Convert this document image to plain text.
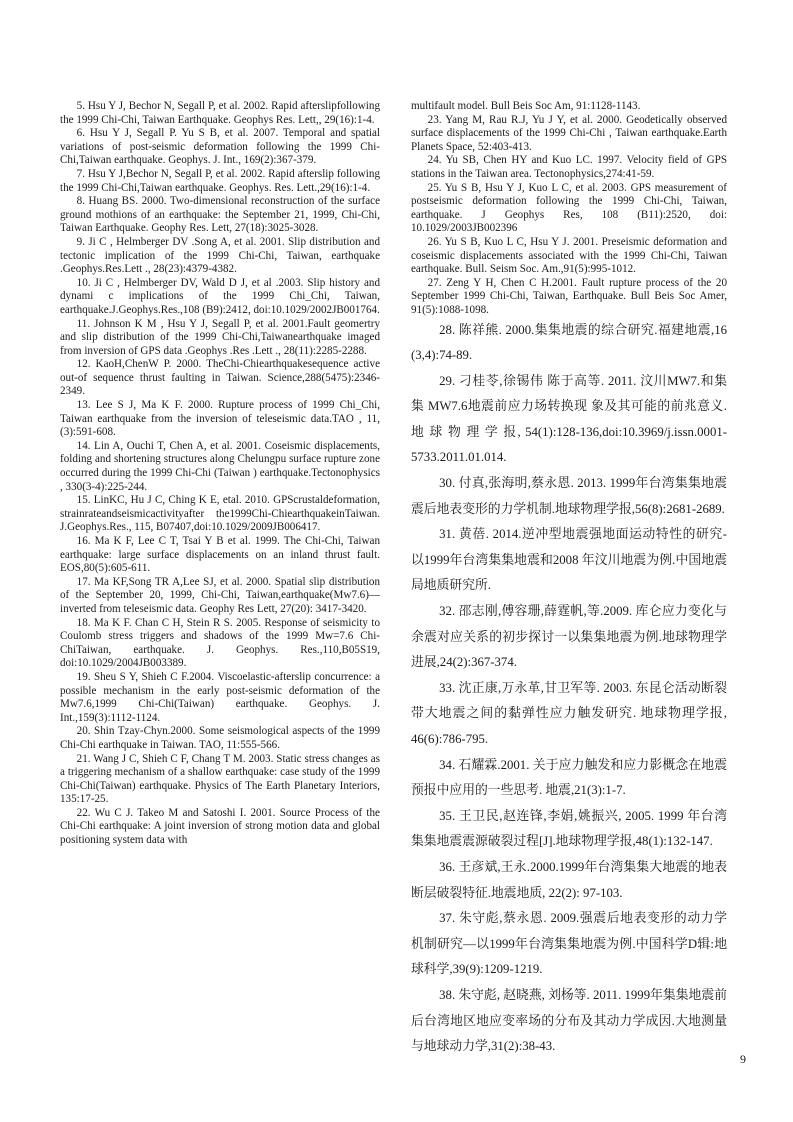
5. Hsu Y J, Bechor N, Segall P, et al. 2002. Rapid afterslipfollowing the 1999 Chi-Chi, Taiwan Earthquake. Geophys Res. Lett,, 29(16):1-4.

6. Hsu Y J, Segall P. Yu S B, et al. 2007. Temporal and spatial variations of post-seismic deformation following the 1999 Chi-Chi,Taiwan earthquake. Geophys. J. Int., 169(2):367-379.

7. Hsu Y J,Bechor N, Segall P, et al. 2002. Rapid afterslip following the 1999 Chi-Chi,Taiwan earthquake. Geophys. Res. Lett.,29(16):1-4.

8. Huang BS. 2000. Two-dimensional reconstruction of the surface ground mothions of an earthquake: the September 21, 1999, Chi-Chi, Taiwan Earthquake. Geophy Res. Lett, 27(18):3025-3028.

9. Ji C , Helmberger DV .Song A, et al. 2001. Slip distribution and tectonic implication of the 1999 Chi-Chi, Taiwan, earthquake .Geophys.Res.Lett ., 28(23):4379-4382.

10. Ji C , Helmberger DV, Wald D J, et al .2003. Slip history and dynami c implications of the 1999 Chi_Chi, Taiwan, earthquake.J.Geophys.Res.,108 (B9):2412, doi:10.1029/2002JB001764.

11. Johnson K M , Hsu Y J, Segall P, et al. 2001.Fault geomertry and slip distribution of the 1999 Chi-Chi,Taiwanearthquake imaged from inversion of GPS data .Geophys .Res .Lett ., 28(11):2285-2288.

12. KaoH,ChenW P. 2000. TheChi-Chiearthquakesequence active out-of sequence thrust faulting in Taiwan. Science,288(5475):2346-2349.

13. Lee S J, Ma K F. 2000. Rupture process of 1999 Chi_Chi, Taiwan earthquake from the inversion of teleseismic data.TAO , 11,(3):591-608.

14. Lin A, Ouchi T, Chen A, et al. 2001. Coseismic displacements, folding and shortening structures along Chelungpu surface rupture zone occurred during the 1999 Chi-Chi (Taiwan ) earthquake.Tectonophysics , 330(3-4):225-244.

15. LinKC, Hu J C, Ching K E, etal. 2010. GPScrustaldeformation, strainrateandseismicactivityafter the1999Chi-ChiearthquakeinTaiwan. J.Geophys.Res., 115, B07407,doi:10.1029/2009JB006417.

16. Ma K F, Lee C T, Tsai Y B et al. 1999. The Chi-Chi, Taiwan earthquake: large surface displacements on an inland thrust fault. EOS,80(5):605-611.

17. Ma KF,Song TR A,Lee SJ, et al. 2000. Spatial slip distribution of the September 20, 1999, Chi-Chi, Taiwan,earthquake(Mw7.6)—inverted from teleseismic data. Geophy Res Lett, 27(20): 3417-3420.

18. Ma K F. Chan C H, Stein R S. 2005. Response of seismicity to Coulomb stress triggers and shadows of the 1999 Mw=7.6 Chi-ChiTaiwan, earthquake. J. Geophys. Res.,110,B05S19, doi:10.1029/2004JB003389.

19. Sheu S Y, Shieh C F.2004. Viscoelastic-afterslip concurrence: a possible mechanism in the early post-seismic deformation of the Mw7.6,1999 Chi-Chi(Taiwan) earthquake. Geophys. J. Int.,159(3):1112-1124.

20. Shin Tzay-Chyn.2000. Some seismological aspects of the 1999 Chi-Chi earthquake in Taiwan. TAO, 11:555-566.

21. Wang J C, Shieh C F, Chang T M. 2003. Static stress changes as a triggering mechanism of a shallow earthquake: case study of the 1999 Chi-Chi(Taiwan) earthquake. Physics of The Earth Planetary Interiors, 135:17-25.

22. Wu C J. Takeo M and Satoshi I. 2001. Source Process of the Chi-Chi earthquake: A joint inversion of strong motion data and global positioning system data with

multifault model. Bull Beis Soc Am, 91:1128-1143.

23. Yang M, Rau R.J, Yu J Y, et al. 2000. Geodetically observed surface displacements of the 1999 Chi-Chi , Taiwan earthquake.Earth Planets Space, 52:403-413.

24. Yu SB, Chen HY and Kuo LC. 1997. Velocity field of GPS stations in the Taiwan area. Tectonophysics,274:41-59.

25. Yu S B, Hsu Y J, Kuo L C, et al. 2003. GPS measurement of postseismic deformation following the 1999 Chi-Chi, Taiwan, earthquake. J Geophys Res, 108 (B11):2520, doi: 10.1029/2003JB002396

26. Yu S B, Kuo L C, Hsu Y J. 2001. Preseismic deformation and coseismic displacements associated with the 1999 Chi-Chi, Taiwan earthquake. Bull. Seism Soc. Am.,91(5):995-1012.

27. Zeng Y H, Chen C H.2001. Fault rupture process of the 20 September 1999 Chi-Chi, Taiwan, Earthquake. Bull Beis Soc Amer, 91(5):1088-1098.

28. 陈祥熊. 2000.集集地震的综合研究.福建地震,16 (3,4):74-89.

29. 刁桂苓,徐锡伟 陈于高等. 2011. 汶川MW7.和集集 MW7.6地震前应力场转换现 象及其可能的前兆意义. 地 球 物 理 学 报, 54(1):128-136,doi:10.3969/j.issn.0001-5733.2011.01.014.

30. 付真,张海明,蔡永恩. 2013. 1999年台湾集集地震震后地表变形的力学机制.地球物理学报,56(8):2681-2689.

31. 黄蓓. 2014.逆冲型地震强地面运动特性的研究-以1999年台湾集集地震和2008 年汶川地震为例.中国地震局地质研究所.

32. 邵志刚,傅容珊,薛霆帆,等.2009. 库仑应力变化与余震对应关系的初步探讨一以集集地震为例.地球物理学进展,24(2):367-374.

33. 沈正康,万永革,甘卫军等. 2003. 东昆仑活动断裂带大地震之间的黏弹性应力触发研究. 地球物理学报, 46(6):786-795.

34. 石耀霖.2001. 关于应力触发和应力影概念在地震预报中应用的一些思考. 地震,21(3):1-7.

35. 王卫民,赵连锋,李娟,姚振兴, 2005. 1999 年台湾集集地震震源破裂过程[J].地球物理学报,48(1):132-147.

36. 王彦斌,王永.2000.1999年台湾集集大地震的地表断层破裂特征.地震地质, 22(2): 97-103.

37. 朱守彪,蔡永恩. 2009.强震后地表变形的动力学机制研究—以1999年台湾集集地震为例.中国科学D辑:地球科学,39(9):1209-1219.

38. 朱守彪, 赵晓燕, 刘杨等. 2011. 1999年集集地震前后台湾地区地应变率场的分布及其动力学成因.大地测量与地球动力学,31(2):38-43.

9
